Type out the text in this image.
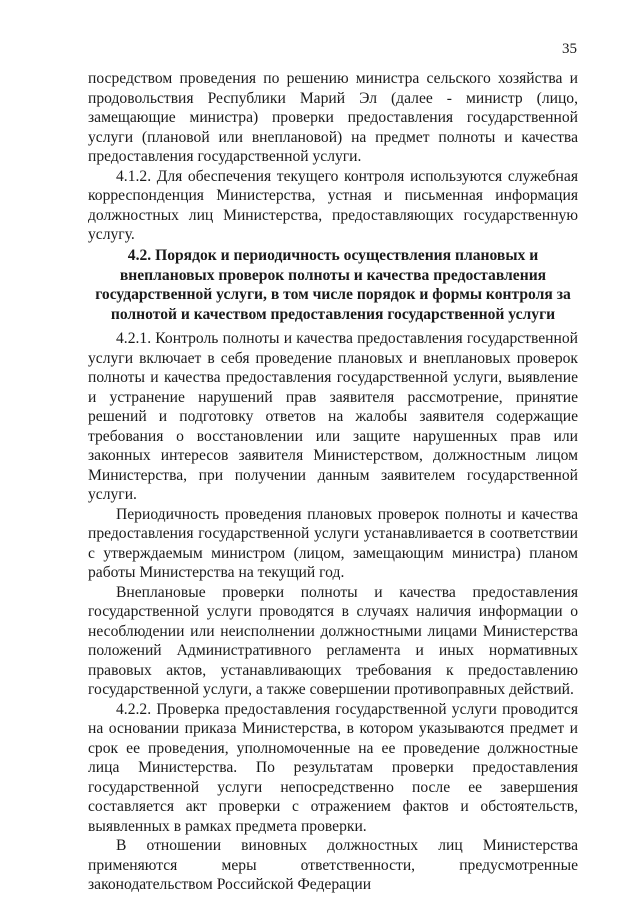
35

посредством проведения по решению министра сельского хозяйства и продовольствия Республики Марий Эл (далее - министр (лицо, замещающие министра) проверки предоставления государственной услуги (плановой или внеплановой) на предмет полноты и качества предоставления государственной услуги.

4.1.2. Для обеспечения текущего контроля используются служебная корреспонденция Министерства, устная и письменная информация должностных лиц Министерства, предоставляющих государственную услугу.

4.2. Порядок и периодичность осуществления плановых и внеплановых проверок полноты и качества предоставления государственной услуги, в том числе порядок и формы контроля за полнотой и качеством предоставления государственной услуги

4.2.1. Контроль полноты и качества предоставления государственной услуги включает в себя проведение плановых и внеплановых проверок полноты и качества предоставления государственной услуги, выявление и устранение нарушений прав заявителя рассмотрение, принятие решений и подготовку ответов на жалобы заявителя содержащие требования о восстановлении или защите нарушенных прав или законных интересов заявителя Министерством, должностным лицом Министерства, при получении данным заявителем государственной услуги.

Периодичность проведения плановых проверок полноты и качества предоставления государственной услуги устанавливается в соответствии с утверждаемым министром (лицом, замещающим министра) планом работы Министерства на текущий год.

Внеплановые проверки полноты и качества предоставления государственной услуги проводятся в случаях наличия информации о несоблюдении или неисполнении должностными лицами Министерства положений Административного регламента и иных нормативных правовых актов, устанавливающих требования к предоставлению государственной услуги, а также совершении противоправных действий.

4.2.2. Проверка предоставления государственной услуги проводится на основании приказа Министерства, в котором указываются предмет и срок ее проведения, уполномоченные на ее проведение должностные лица Министерства. По результатам проверки предоставления государственной услуги непосредственно после ее завершения составляется акт проверки с отражением фактов и обстоятельств, выявленных в рамках предмета проверки.

В отношении виновных должностных лиц Министерства применяются меры ответственности, предусмотренные законодательством Российской Федерации
